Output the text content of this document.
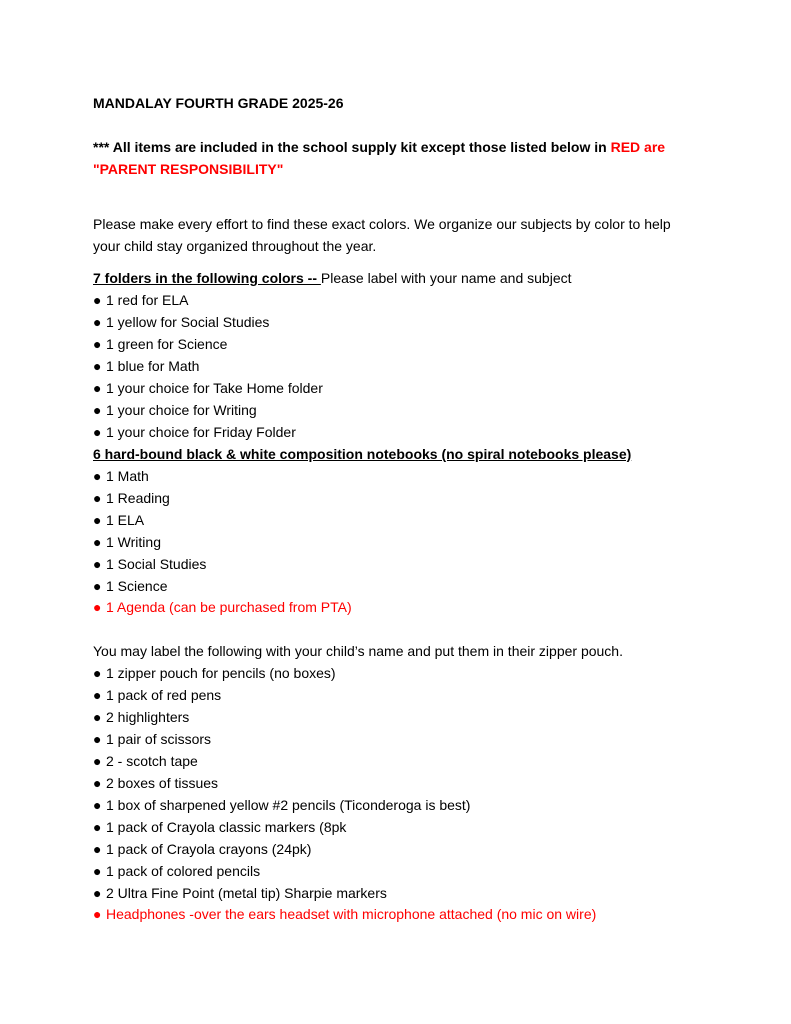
MANDALAY FOURTH GRADE 2025-26
*** All items are included in the school supply kit except those listed below in RED are
"PARENT RESPONSIBILITY"
Please make every effort to find these exact colors. We organize our subjects by color to help
your child stay organized throughout the year.
7 folders in the following colors -- Please label with your name and subject
● 1 red for ELA
● 1 yellow for Social Studies
● 1 green for Science
● 1 blue for Math
● 1 your choice for Take Home folder
● 1 your choice for Writing
● 1 your choice for Friday Folder
6 hard-bound black & white composition notebooks (no spiral notebooks please)
● 1 Math
● 1 Reading
● 1 ELA
● 1 Writing
● 1 Social Studies
● 1 Science
● 1 Agenda (can be purchased from PTA)
You may label the following with your child’s name and put them in their zipper pouch.
● 1 zipper pouch for pencils (no boxes)
● 1 pack of red pens
● 2 highlighters
● 1 pair of scissors
● 2 - scotch tape
● 2 boxes of tissues
● 1 box of sharpened yellow #2 pencils (Ticonderoga is best)
● 1 pack of Crayola classic markers (8pk
● 1 pack of Crayola crayons (24pk)
● 1 pack of colored pencils
● 2 Ultra Fine Point (metal tip) Sharpie markers
● Headphones -over the ears headset with microphone attached (no mic on wire)
